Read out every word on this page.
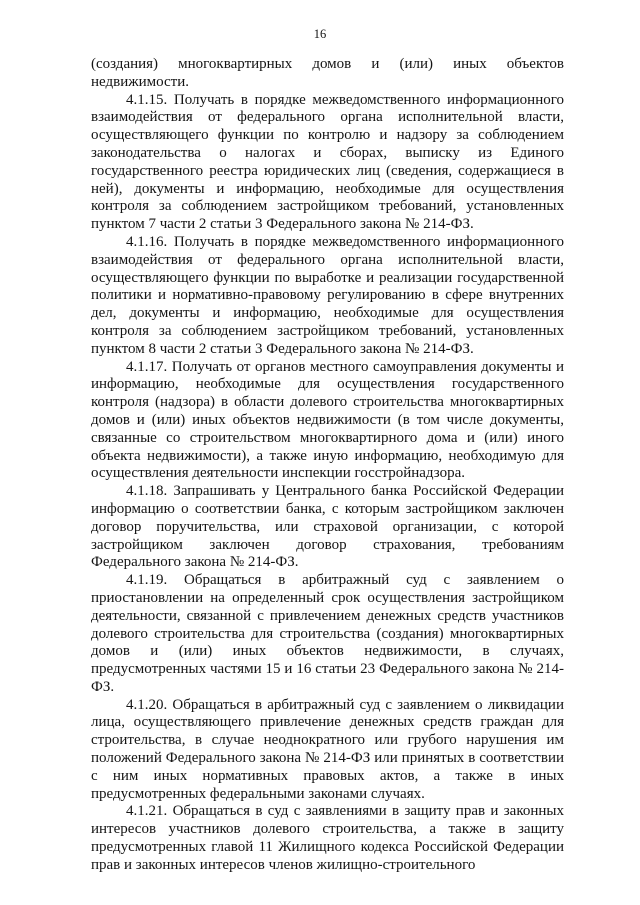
16

(создания) многоквартирных домов и (или) иных объектов недвижимости.

4.1.15. Получать в порядке межведомственного информационного взаимодействия от федерального органа исполнительной власти, осуществляющего функции по контролю и надзору за соблюдением законодательства о налогах и сборах, выписку из Единого государственного реестра юридических лиц (сведения, содержащиеся в ней), документы и информацию, необходимые для осуществления контроля за соблюдением застройщиком требований, установленных пунктом 7 части 2 статьи 3 Федерального закона № 214-ФЗ.

4.1.16. Получать в порядке межведомственного информационного взаимодействия от федерального органа исполнительной власти, осуществляющего функции по выработке и реализации государственной политики и нормативно-правовому регулированию в сфере внутренних дел, документы и информацию, необходимые для осуществления контроля за соблюдением застройщиком требований, установленных пунктом 8 части 2 статьи 3 Федерального закона № 214-ФЗ.

4.1.17. Получать от органов местного самоуправления документы и информацию, необходимые для осуществления государственного контроля (надзора) в области долевого строительства многоквартирных домов и (или) иных объектов недвижимости (в том числе документы, связанные со строительством многоквартирного дома и (или) иного объекта недвижимости), а также иную информацию, необходимую для осуществления деятельности инспекции госстройнадзора.

4.1.18. Запрашивать у Центрального банка Российской Федерации информацию о соответствии банка, с которым застройщиком заключен договор поручительства, или страховой организации, с которой застройщиком заключен договор страхования, требованиям Федерального закона № 214-ФЗ.

4.1.19. Обращаться в арбитражный суд с заявлением о приостановлении на определенный срок осуществления застройщиком деятельности, связанной с привлечением денежных средств участников долевого строительства для строительства (создания) многоквартирных домов и (или) иных объектов недвижимости, в случаях, предусмотренных частями 15 и 16 статьи 23 Федерального закона № 214-ФЗ.

4.1.20. Обращаться в арбитражный суд с заявлением о ликвидации лица, осуществляющего привлечение денежных средств граждан для строительства, в случае неоднократного или грубого нарушения им положений Федерального закона № 214-ФЗ или принятых в соответствии с ним иных нормативных правовых актов, а также в иных предусмотренных федеральными законами случаях.

4.1.21. Обращаться в суд с заявлениями в защиту прав и законных интересов участников долевого строительства, а также в защиту предусмотренных главой 11 Жилищного кодекса Российской Федерации прав и законных интересов членов жилищно-строительного
